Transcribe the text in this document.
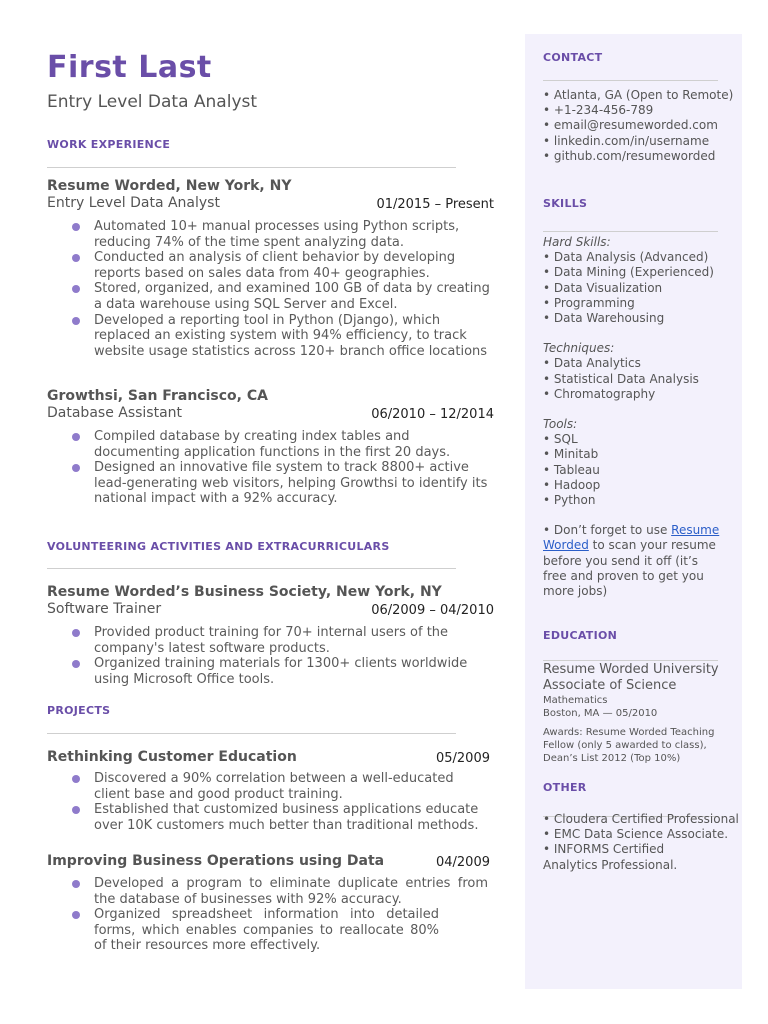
First Last
Entry Level Data Analyst
WORK EXPERIENCE
Resume Worded, New York, NY
Entry Level Data Analyst	01/2015 – Present
Automated 10+ manual processes using Python scripts, reducing 74% of the time spent analyzing data.
Conducted an analysis of client behavior by developing reports based on sales data from 40+ geographies.
Stored, organized, and examined 100 GB of data by creating a data warehouse using SQL Server and Excel.
Developed a reporting tool in Python (Django), which replaced an existing system with 94% efficiency, to track website usage statistics across 120+ branch office locations
Growthsi, San Francisco, CA
Database Assistant	06/2010 – 12/2014
Compiled database by creating index tables and documenting application functions in the first 20 days.
Designed an innovative file system to track 8800+ active lead-generating web visitors, helping Growthsi to identify its national impact with a 92% accuracy.
VOLUNTEERING ACTIVITIES AND EXTRACURRICULARS
Resume Worded’s Business Society, New York, NY
Software Trainer	06/2009 – 04/2010
Provided product training for 70+ internal users of the company's latest software products.
Organized training materials for 1300+ clients worldwide using Microsoft Office tools.
PROJECTS
Rethinking Customer Education	05/2009
Discovered a 90% correlation between a well-educated client base and good product training.
Established that customized business applications educate over 10K customers much better than traditional methods.
Improving Business Operations using Data	04/2009
Developed a program to eliminate duplicate entries from the database of businesses with 92% accuracy.
Organized spreadsheet information into detailed forms, which enables companies to reallocate 80% of their resources more effectively.
CONTACT
• Atlanta, GA (Open to Remote)
• +1-234-456-789
• email@resumeworded.com
• linkedin.com/in/username
• github.com/resumeworded
SKILLS
Hard Skills:
• Data Analysis (Advanced)
• Data Mining (Experienced)
• Data Visualization
• Programming
• Data Warehousing
Techniques:
• Data Analytics
• Statistical Data Analysis
• Chromatography
Tools:
• SQL
• Minitab
• Tableau
• Hadoop
• Python

• Don’t forget to use Resume Worded to scan your resume before you send it off (it’s free and proven to get you more jobs)

EDUCATION
Resume Worded University
Associate of Science
Mathematics
Boston, MA — 05/2010

Awards: Resume Worded Teaching Fellow (only 5 awarded to class), Dean’s List 2012 (Top 10%)

OTHER
• Cloudera Certified Professional
• EMC Data Science Associate.

• INFORMS Certified Analytics Professional.
